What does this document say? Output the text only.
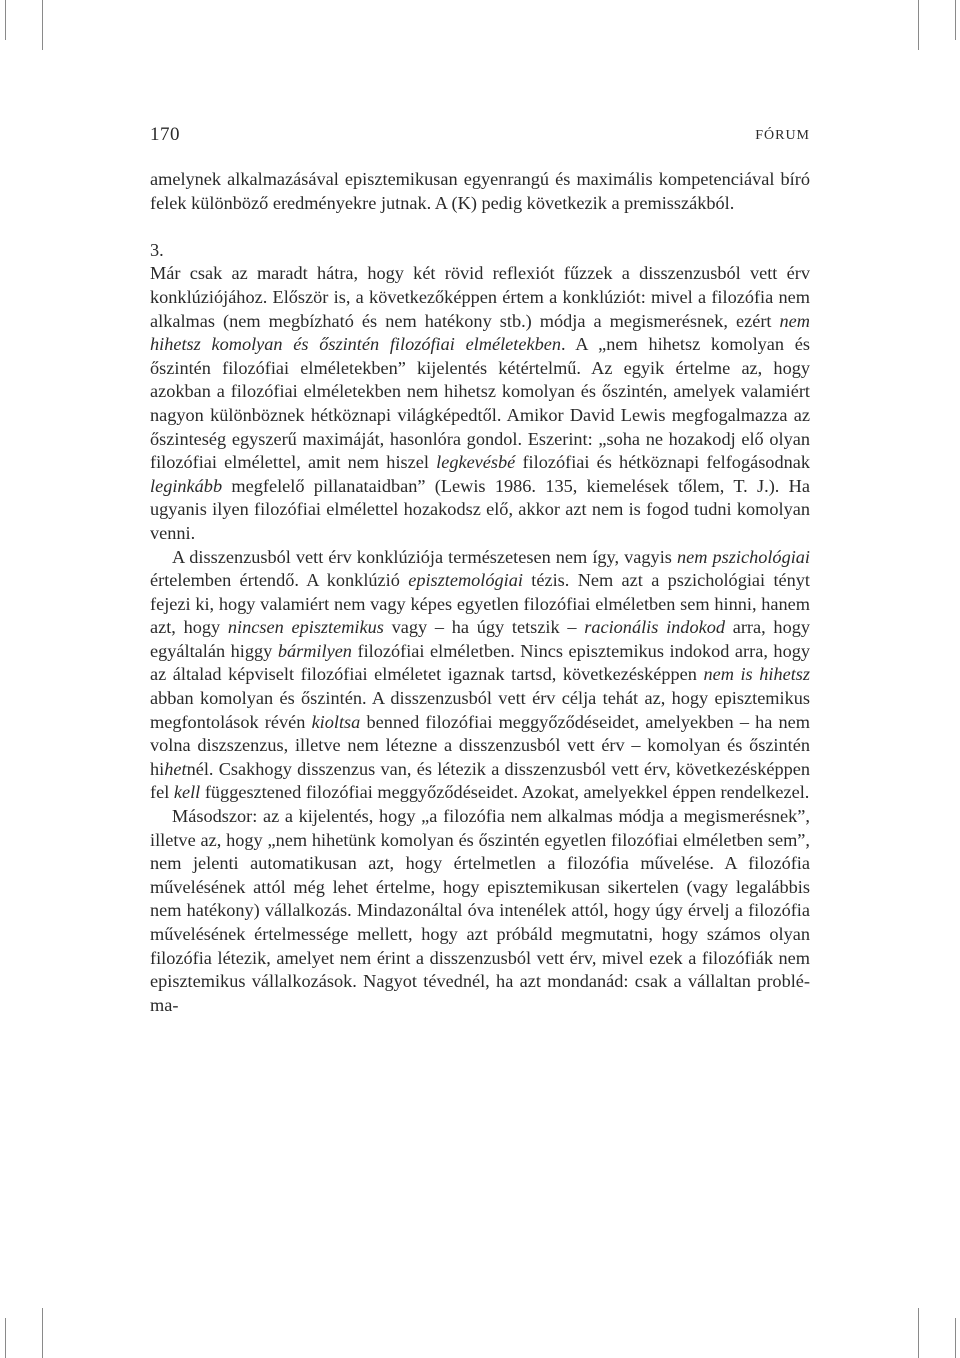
170	FÓRUM

amelynek alkalmazásával episztemikusan egyenrangú és maximális kompetenciával bíró felek különböző eredményekre jutnak. A (K) pedig következik a premisszákból.

3.

Már csak az maradt hátra, hogy két rövid reflexiót fűzzek a disszenzusból vett érv konklúziójához. Először is, a következőképpen értem a konklúziót: mivel a filozófia nem alkalmas (nem megbízható és nem hatékony stb.) módja a megismerésnek, ezért nem hihetsz komolyan és őszintén filozófiai elméletekben. A „nem hihetsz komolyan és őszintén filozófiai elméletekben” kijelentés kétértelmű. Az egyik értelme az, hogy azokban a filozófiai elméletekben nem hihetsz komolyan és őszintén, amelyek valamiért nagyon különböznek hétköznapi világképedtől. Amikor David Lewis megfogalmazza az őszinteség egyszerű maximáját, hasonlóra gondol. Eszerint: „soha ne hozakodj elő olyan filozófiai elmélettel, amit nem hiszel legkevésbé filozófiai és hétköznapi felfogásodnak leginkább megfelelő pillanataidban” (Lewis 1986. 135, kiemelések tőlem, T. J.). Ha ugyanis ilyen filozófiai elmélettel hozakodsz elő, akkor azt nem is fogod tudni komolyan venni.

A disszenzusból vett érv konklúziója természetesen nem így, vagyis nem pszichológiai értelemben értendő. A konklúzió episztemológiai tézis. Nem azt a pszichológiai tényt fejezi ki, hogy valamiért nem vagy képes egyetlen filozófiai elméletben sem hinni, hanem azt, hogy nincsen episztemikus vagy – ha úgy tetszik – racionális indokod arra, hogy egyáltalán higgy bármilyen filozófiai elméletben. Nincs episztemikus indokod arra, hogy az általad képviselt filozófiai elméletet igaznak tartsd, következésképpen nem is hihetsz abban komolyan és őszintén. A disszenzusból vett érv célja tehát az, hogy episztemikus megfontolások révén kioltsa benned filozófiai meggyőződéseidet, amelyekben – ha nem volna diszszenzus, illetve nem létezne a disszenzusból vett érv – komolyan és őszintén hihetnél. Csakhogy disszenzus van, és létezik a disszenzusból vett érv, következésképpen fel kell függesztened filozófiai meggyőződéseidet. Azokat, amelyekkel éppen rendelkezel.

Másodszor: az a kijelentés, hogy „a filozófia nem alkalmas módja a megismerésnek”, illetve az, hogy „nem hihetünk komolyan és őszintén egyetlen filozófiai elméletben sem”, nem jelenti automatikusan azt, hogy értelmetlen a filozófia művelése. A filozófia művelésének attól még lehet értelme, hogy episztemikusan sikertelen (vagy legalábbis nem hatékony) vállalkozás. Mindazonáltal óva intenélek attól, hogy úgy érvelj a filozófia művelésének értelmessége mellett, hogy azt próbáld megmutatni, hogy számos olyan filozófia létezik, amelyet nem érint a disszenzusból vett érv, mivel ezek a filozófiák nem episztemikus vállalkozások. Nagyot tévednél, ha azt mondanád: csak a vállaltan probléma-
